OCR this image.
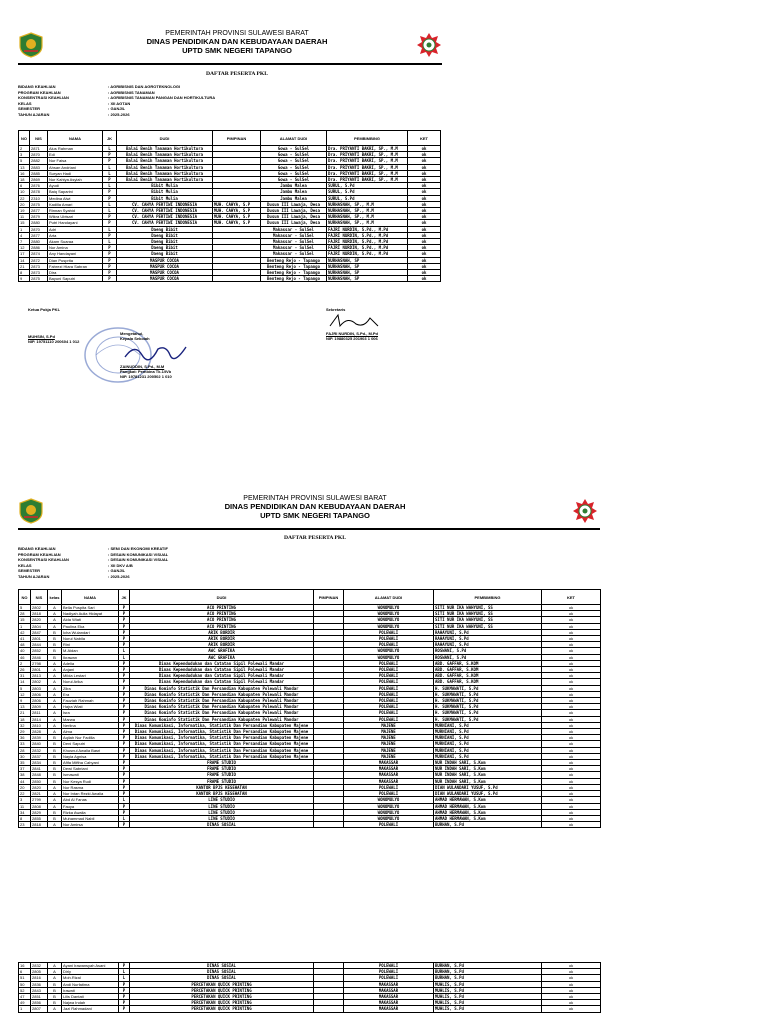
PEMERINTAH PROVINSI SULAWESI BARAT
DINAS PENDIDIKAN DAN KEBUDAYAAN DAERAH
UPTD SMK NEGERI TAPANGO
DAFTAR PESERTA PKL
BIDANG KEAHLIAN	: AGRIBISNIS DAN AGROTEKNOLOGI
PROGRAM KEAHLIAN	: AGRIBISNIS TANAMAN
KONSENTRASI KEAHLIAN	: AGRIBISNIS TANAMAN PANGAN DAN HORTIKULTURA
KELAS	: XII AGTAN
SEMESTER	: GANJIL
TAHUN AJARAN	: 2025-2026
NO	NIS	NAMA	JK	DUDI	PIMPINAN	ALAMAT DUDI	PEMBIMBING	KET
2	2871	Alus Rahman	L	Balai Benih Tanaman Hortikultura		Gowa - SulSel	Dra. PRIYANTI BAKRI, SP., M.M	ok
3	2870	Edi	P	Balai Benih Tanaman Hortikultura		Gowa - SulSel	Dra. PRIYANTI BAKRI, SP., M.M	ok
5	2882	Nur Faisa	P	Balai Benih Tanaman Hortikultura		Gowa - SulSel	Dra. PRIYANTI BAKRI, SP., M.M	ok
13	2883	Ahsan Andriani	L	Balai Benih Tanaman Hortikultura		Gowa - SulSel	Dra. PRIYANTI BAKRI, SP., M.M	ok
16	2885	Suryan Hadi	L	Balai Benih Tanaman Hortikultura		Gowa - SulSel	Dra. PRIYANTI BAKRI, SP., M.M	ok
18	2869	Nur Kahiya Asyiah	P	Balai Benih Tanaman Hortikultura		Gowa - SulSel	Dra. PRIYANTI BAKRI, SP., M.M	ok
6	2876	Ayudi	L	Bibit Mulia		Jambu Malea	SURUL, S.Pd	ok
10	2878	Baiq Saparini	P	Bibit Mulia		Jambu Malea	SURUL, S.Pd	ok
22	2310	Medina Alwi	P	Bibit Mulia		Jambu Malea	SURUL, S.Pd	ok
20	2875	Kadilla Amari	L	CV. CAHYA PERTIWI INDONESIA	MUH. CAHYA, S.P	Dusun III Lawaja, Desa	NURHASNAH, SP., M.M	ok
19	2877	Rinnan Syahid	L	CV. CAHYA PERTIWI INDONESIA	MUH. CAHYA, S.P	Dusun III Lawaja, Desa	NURHASNAH, SP., M.M	ok
11	2879	Wikra Ubtsari	P	CV. CAHYA PERTIWI INDONESIA	MUH. CAHYA, S.P	Dusun III Lawaja, Desa	NURHASNAH, SP., M.M	ok
15	2880	Putri Handayani	P	CV. CAHYA PERTIWI INDONESIA	MUH. CAHYA, S.P	Dusun III Lawaja, Desa	NURHASNAH, SP., M.M	ok
1	2870	Adri	L	Daeng Bibit		Makassar - SulSel	FAJRI NURDIN, S.Pd., M.Pd	ok
4	2877	Arta	P	Daeng Bibit		Makassar - SulSel	FAJRI NURDIN, S.Pd., M.Pd	ok
7	2880	Akam Suaraa	L	Daeng Bibit		Makassar - SulSel	FAJRI NURDIN, S.Pd., M.Pd	ok
12	2886	Nur Amina	P	Daeng Bibit		Makassar - SulSel	FAJRI NURDIN, S.Pd., M.Pd	ok
17	2874	Any Handayani	P	Daeng Bibit		Makassar - SulSel	FAJRI NURDIN, S.Pd., M.Pd	ok
14	2872	Dian Pusprita	P	MASPUR COCOA		Benteng Rejo - Tapango	NURHASNAH, SP	ok
21	2873	Fahrezi Hiara Sabran	P	MASPUR COCOA		Benteng Rejo - Tapango	NURHASNAH, SP	ok
8	2873	Dira	P	MASPUR COCOA		Benteng Rejo - Tapango	NURHASNAH, SP	ok
9	2875	Bayuni Saputri	P	MASPUR COCOA		Benteng Rejo - Tapango	NURHASNAH, SP	ok
Ketua Pokja PKL
MUHSIN, S.Pd
NIP. 19751110 200604 1 012
Mengetahui,
Kepala Sekolah
ZAINUDDIN, S.Pd., M.M
Pangkat: Pembina Tk.1/IVb
NIP. 19781231 200502 1 010
Sekretaris
FAJRI NURDIN, S.Pd., M.Pd
NIP. 19880325 201903 1 006
PEMERINTAH PROVINSI SULAWESI BARAT
DINAS PENDIDIKAN DAN KEBUDAYAAN DAERAH
UPTD SMK NEGERI TAPANGO
DAFTAR PESERTA PKL
BIDANG KEAHLIAN	: SENI DAN EKONOMI KREATIF
PROGRAM KEAHLIAN	: DESAIN KOMUNIKASI VISUAL
KONSENTRASI KEAHLIAN	: DESAIN KOMUNIKASI VISUAL
KELAS	: XII DKV A/B
SEMESTER	: GANJIL
TAHUN AJARAN	: 2025-2026
NO	NIS	kelas	NAMA	JK	DUDI	PIMPINAN	ALAMAT DUDI	PEMBIMBING	KET
5	2802	A	Bella Puspita Sari	P	ACO PRINTING		WONOMULYO	SITI NUR IKA WAHYUNI, SS	ok
28	2818	A	Nadiyah Aulia Hidayat	P	ACO PRINTING		WONOMULYO	SITI NUR IKA WAHYUNI, SS	ok
15	2820	A	Aida Wiati	P	ACO PRINTING		WONOMULYO	SITI NUR IKA WAHYUNI, SS	ok
1	2804	A	Paulina Eka	P	ACO PRINTING		WONOMULYO	SITI NUR IKA WAHYUNI, SS	ok
42	2847	B	Icha Wulandari	P	ARIK BORDIR		POLEWALI	RAHAYUNI, S.Pd	ok
41	2801	B	Nurul Nabila	P	ARIK BORDIR		POLEWALI	RAHAYUNI, S.Pd	ok
48	2844	B	Rini	P	ARIK BORDIR		POLEWALI	RAHAYUNI, S.Pd	ok
40	2852	B	M.Aidan	L	AWC GRAFIKA		WONOMULYO	ROSWANI, S.Pd	ok
46	2846	B	Ikrawan	L	AWC GRAFIKA		WONOMULYO	ROSWANI, S.Pd	ok
2	2798	A	Adelia	P	Dinas Kependudukan dan Catatan Sipil Polewali Mandar		POLEWALI	ABD. GAFFAR, S.KOM	ok
26	2801	A	Anjani	P	Dinas Kependudukan dan Catatan Sipil Polewali Mandar		POLEWALI	ABD. GAFFAR, S.KOM	ok
31	2813	A	Milda Lestari	P	Dinas Kependudukan dan Catatan Sipil Polewali Mandar		POLEWALI	ABD. GAFFAR, S.KOM	ok
14	2802	A	Nurul Arika	P	Dinas Kependudukan dan Catatan Sipil Polewali Mandar		POLEWALI	ABD. GAFFAR, S.KOM	ok
5	2803	A	Zilra	P	Dinas Kominfo Statistik Dan Persandian Kabupaten Polewali Mandar		POLEWALI	H. SUKMAWATI, S.Pd	ok
12	2806	A	Era	P	Dinas Kominfo Statistik Dan Persandian Kabupaten Polewali Mandar		POLEWALI	H. SUKMAWATI, S.Pd	ok
9	2806	A	Fauziah Rahmah	P	Dinas Kominfo Statistik Dan Persandian Kabupaten Polewali Mandar		POLEWALI	H. SUKMAWATI, S.Pd	ok
13	2809	A	Hajra Wiati	P	Dinas Kominfo Statistik Dan Persandian Kabupaten Polewali Mandar		POLEWALI	H. SUKMAWATI, S.Pd	ok
21	2811	A	Isra	P	Dinas Kominfo Statistik Dan Persandian Kabupaten Polewali Mandar		POLEWALI	H. SUKMAWATI, S.Pd	ok
18	2814	A	Marwa	P	Dinas Kominfo Statistik Dan Persandian Kabupaten Polewali Mandar		POLEWALI	H. SUKMAWATI, S.Pd	ok
32	2810	A	Nerlina	P	Dinas Komunikasi, Informatika, Statistik Dan Persandian Kabupaten Majene		MAJENE	MURNIANI, S.Pd	ok
29	2828	A	Alma	P	Dinas Komunikasi, Informatika, Statistik Dan Persandian Kabupaten Majene		MAJENE	MURNIANI, S.Pd	ok
36	2839	B	Aqilah Nur Fadilla	P	Dinas Komunikasi, Informatika, Statistik Dan Persandian Kabupaten Majene		MAJENE	MURNIANI, S.Pd	ok
33	2840	B	Deni Saputri	P	Dinas Komunikasi, Informatika, Statistik Dan Persandian Kabupaten Majene		MAJENE	MURNIANI, S.Pd	ok
28	2832	B	Khusnul Awalia Basri	P	Dinas Komunikasi, Informatika, Statistik Dan Persandian Kabupaten Majene		MAJENE	MURNIANI, S.Pd	ok
30	2837	B	Nayla Agnisa	P	Dinas Komunikasi, Informatika, Statistik Dan Persandian Kabupaten Majene		MAJENE	MURNIANI, S.Pd	ok
35	2834	B	Afifa Miftha Cahyani	P	FRAME STUDIO		MAKASSAR	NUR INDAH SARI, S.Kom	ok
37	2841	B	Dewi Sabriani	P	FRAME STUDIO		MAKASSAR	NUR INDAH SARI, S.Kom	ok
38	2848	B	Ismawati	P	FRAME STUDIO		MAKASSAR	NUR INDAH SARI, S.Kom	ok
44	2850	B	Nur Kesya Rudi	P	FRAME STUDIO		MAKASSAR	NUR INDAH SARI, S.Kom	ok
20	2820	A	Nur Rasma	P	KANTOR BPJS KESEHATAN		POLEWALI	DIAN WULANDARI YUSUF, S.Pd	ok
22	2821	A	Nur Intan Rezki Awalia	P	KANTOR BPJS KESEHATAN		POLEWALI	DIAN WULANDARI YUSUF, S.Pd	ok
3	2799	A	Abd Al Fanas	L	LINE STUDIO		WONOMULYO	AHMAD HERMAWAN, S.Kom	ok
11	2808	A	Fauya	P	LINE STUDIO		WONOMULYO	AHMAD HERMAWAN, S.Kom	ok
34	2829	B	Rizka Awalia	P	LINE STUDIO		WONOMULYO	AHMAD HERMAWAN, S.Kom	ok
8	2855	B	Muhammad Nabil	L	LINE STUDIO		WONOMULYO	AHMAD HERMAWAN, S.Kom	ok
23	2818	A	Nur Amirsa	P	DINAS SOSIAL		POLEWALI	BURHAN, S.Pd	ok
16	2832	A	Ayani Irawansyah Asani	P	DINAS SOSIAL		POLEWALI	BURHAN, S.Pd	ok
6	2805	A	Dirly	L	DINAS SOSIAL		POLEWALI	BURHAN, S.Pd	ok
51	2816	A	Moh.Rizal	L	DINAS SOSIAL		POLEWALI	BURHAN, S.Pd	ok
50	2836	B	Andi Nurfatima	P	PERCETAKAN QUICK PRINTING		MAKASSAR	MUHLIS, S.Pd	ok
52	2843	B	Irawati	P	PERCETAKAN QUICK PRINTING		MAKASSAR	MUHLIS, S.Pd	ok
47	2851	B	Lilis Dantati	P	PERCETAKAN QUICK PRINTING		MAKASSAR	MUHLIS, S.Pd	ok
49	2856	B	Najwa Indah	P	PERCETAKAN QUICK PRINTING		MAKASSAR	MUHLIS, S.Pd	ok
1	2807	A	Jazi Rahmadani	P	PERCETAKAN QUICK PRINTING		MAKASSAR	MUHLIS, S.Pd	ok
